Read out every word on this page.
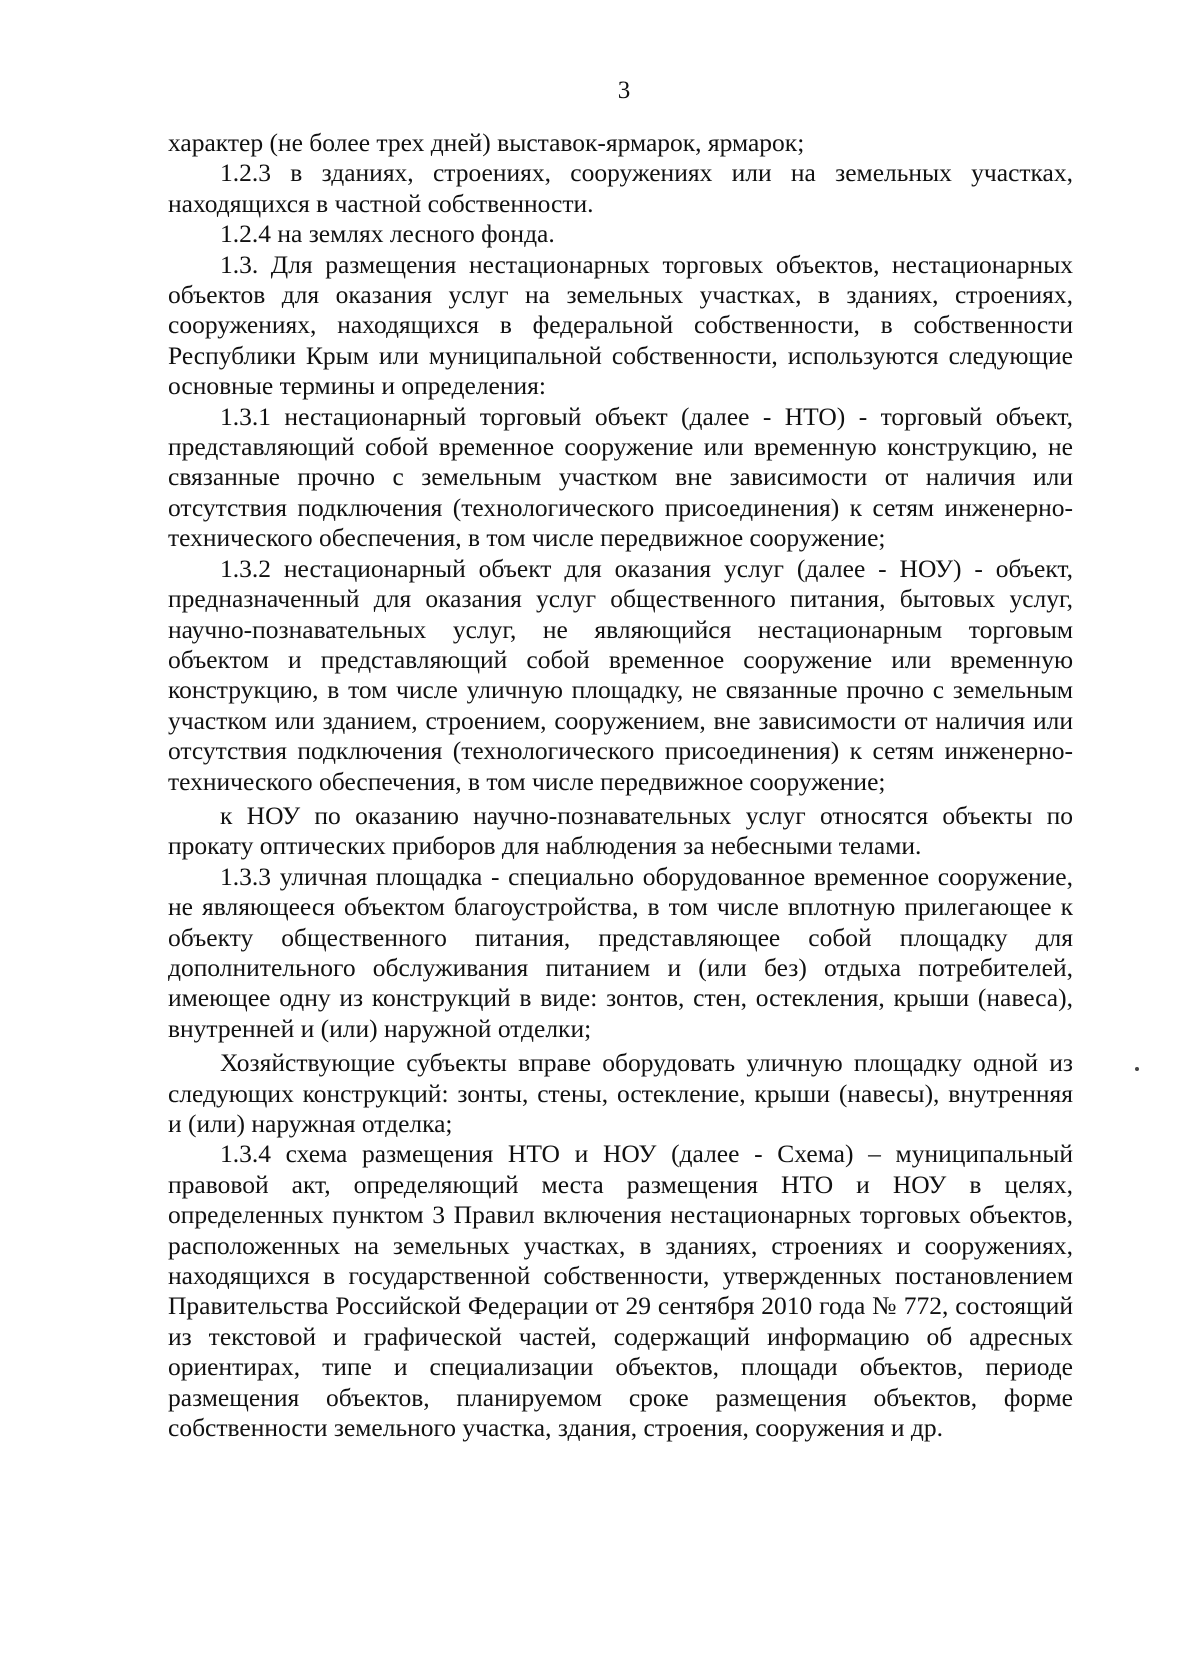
3

характер (не более трех дней) выставок-ярмарок, ярмарок;

1.2.3 в зданиях, строениях, сооружениях или на земельных участках, находящихся в частной собственности.

1.2.4 на землях лесного фонда.

1.3. Для размещения нестационарных торговых объектов, нестационарных объектов для оказания услуг на земельных участках, в зданиях, строениях, сооружениях, находящихся в федеральной собственности, в собственности Республики Крым или муниципальной собственности, используются следующие основные термины и определения:

1.3.1 нестационарный торговый объект (далее - НТО) - торговый объект, представляющий собой временное сооружение или временную конструкцию, не связанные прочно с земельным участком вне зависимости от наличия или отсутствия подключения (технологического присоединения) к сетям инженерно-технического обеспечения, в том числе передвижное сооружение;

1.3.2 нестационарный объект для оказания услуг (далее - НОУ) - объект, предназначенный для оказания услуг общественного питания, бытовых услуг, научно-познавательных услуг, не являющийся нестационарным торговым объектом и представляющий собой временное сооружение или временную конструкцию, в том числе уличную площадку, не связанные прочно с земельным участком или зданием, строением, сооружением, вне зависимости от наличия или отсутствия подключения (технологического присоединения) к сетям инженерно-технического обеспечения, в том числе передвижное сооружение;

к НОУ по оказанию научно-познавательных услуг относятся объекты по прокату оптических приборов для наблюдения за небесными телами.

1.3.3 уличная площадка - специально оборудованное временное сооружение, не являющееся объектом благоустройства, в том числе вплотную прилегающее к объекту общественного питания, представляющее собой площадку для дополнительного обслуживания питанием и (или без) отдыха потребителей, имеющее одну из конструкций в виде: зонтов, стен, остекления, крыши (навеса), внутренней и (или) наружной отделки;

Хозяйствующие субъекты вправе оборудовать уличную площадку одной из следующих конструкций: зонты, стены, остекление, крыши (навесы), внутренняя и (или) наружная отделка;

1.3.4 схема размещения НТО и НОУ (далее - Схема) – муниципальный правовой акт, определяющий места размещения НТО и НОУ в целях, определенных пунктом 3 Правил включения нестационарных торговых объектов, расположенных на земельных участках, в зданиях, строениях и сооружениях, находящихся в государственной собственности, утвержденных постановлением Правительства Российской Федерации от 29 сентября 2010 года № 772, состоящий из текстовой и графической частей, содержащий информацию об адресных ориентирах, типе и специализации объектов, площади объектов, периоде размещения объектов, планируемом сроке размещения объектов, форме собственности земельного участка, здания, строения, сооружения и др.
